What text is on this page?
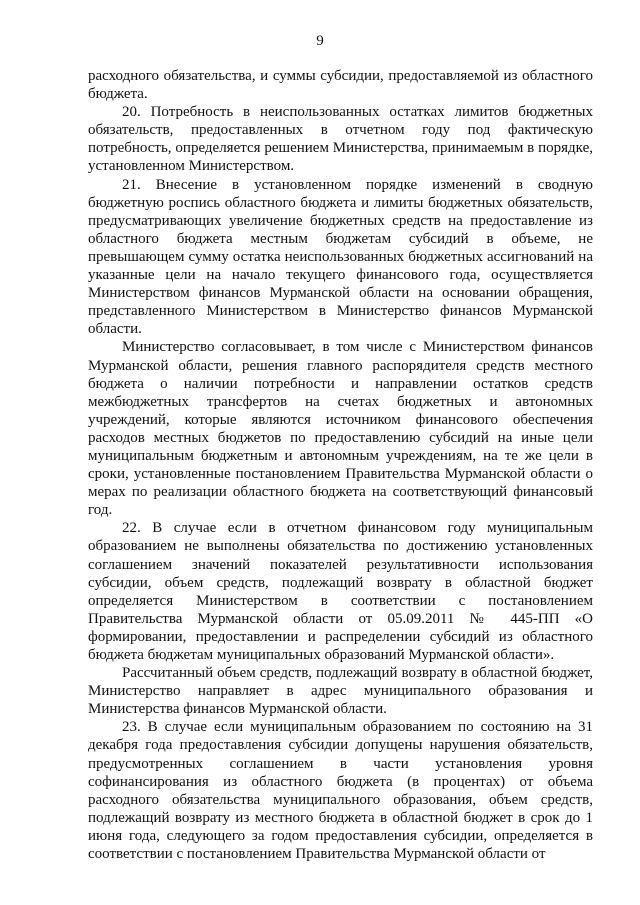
9

расходного обязательства, и суммы субсидии, предоставляемой из областного бюджета.

20. Потребность в неиспользованных остатках лимитов бюджетных обязательств, предоставленных в отчетном году под фактическую потребность, определяется решением Министерства, принимаемым в порядке, установленном Министерством.

21. Внесение в установленном порядке изменений в сводную бюджетную роспись областного бюджета и лимиты бюджетных обязательств, предусматривающих увеличение бюджетных средств на предоставление из областного бюджета местным бюджетам субсидий в объеме, не превышающем сумму остатка неиспользованных бюджетных ассигнований на указанные цели на начало текущего финансового года, осуществляется Министерством финансов Мурманской области на основании обращения, представленного Министерством в Министерство финансов Мурманской области.

Министерство согласовывает, в том числе с Министерством финансов Мурманской области, решения главного распорядителя средств местного бюджета о наличии потребности и направлении остатков средств межбюджетных трансфертов на счетах бюджетных и автономных учреждений, которые являются источником финансового обеспечения расходов местных бюджетов по предоставлению субсидий на иные цели муниципальным бюджетным и автономным учреждениям, на те же цели в сроки, установленные постановлением Правительства Мурманской области о мерах по реализации областного бюджета на соответствующий финансовый год.

22. В случае если в отчетном финансовом году муниципальным образованием не выполнены обязательства по достижению установленных соглашением значений показателей результативности использования субсидии, объем средств, подлежащий возврату в областной бюджет определяется Министерством в соответствии с постановлением Правительства Мурманской области от 05.09.2011 № 445-ПП «О формировании, предоставлении и распределении субсидий из областного бюджета бюджетам муниципальных образований Мурманской области».

Рассчитанный объем средств, подлежащий возврату в областной бюджет, Министерство направляет в адрес муниципального образования и Министерства финансов Мурманской области.

23. В случае если муниципальным образованием по состоянию на 31 декабря года предоставления субсидии допущены нарушения обязательств, предусмотренных соглашением в части установления уровня софинансирования из областного бюджета (в процентах) от объема расходного обязательства муниципального образования, объем средств, подлежащий возврату из местного бюджета в областной бюджет в срок до 1 июня года, следующего за годом предоставления субсидии, определяется в соответствии с постановлением Правительства Мурманской области от
